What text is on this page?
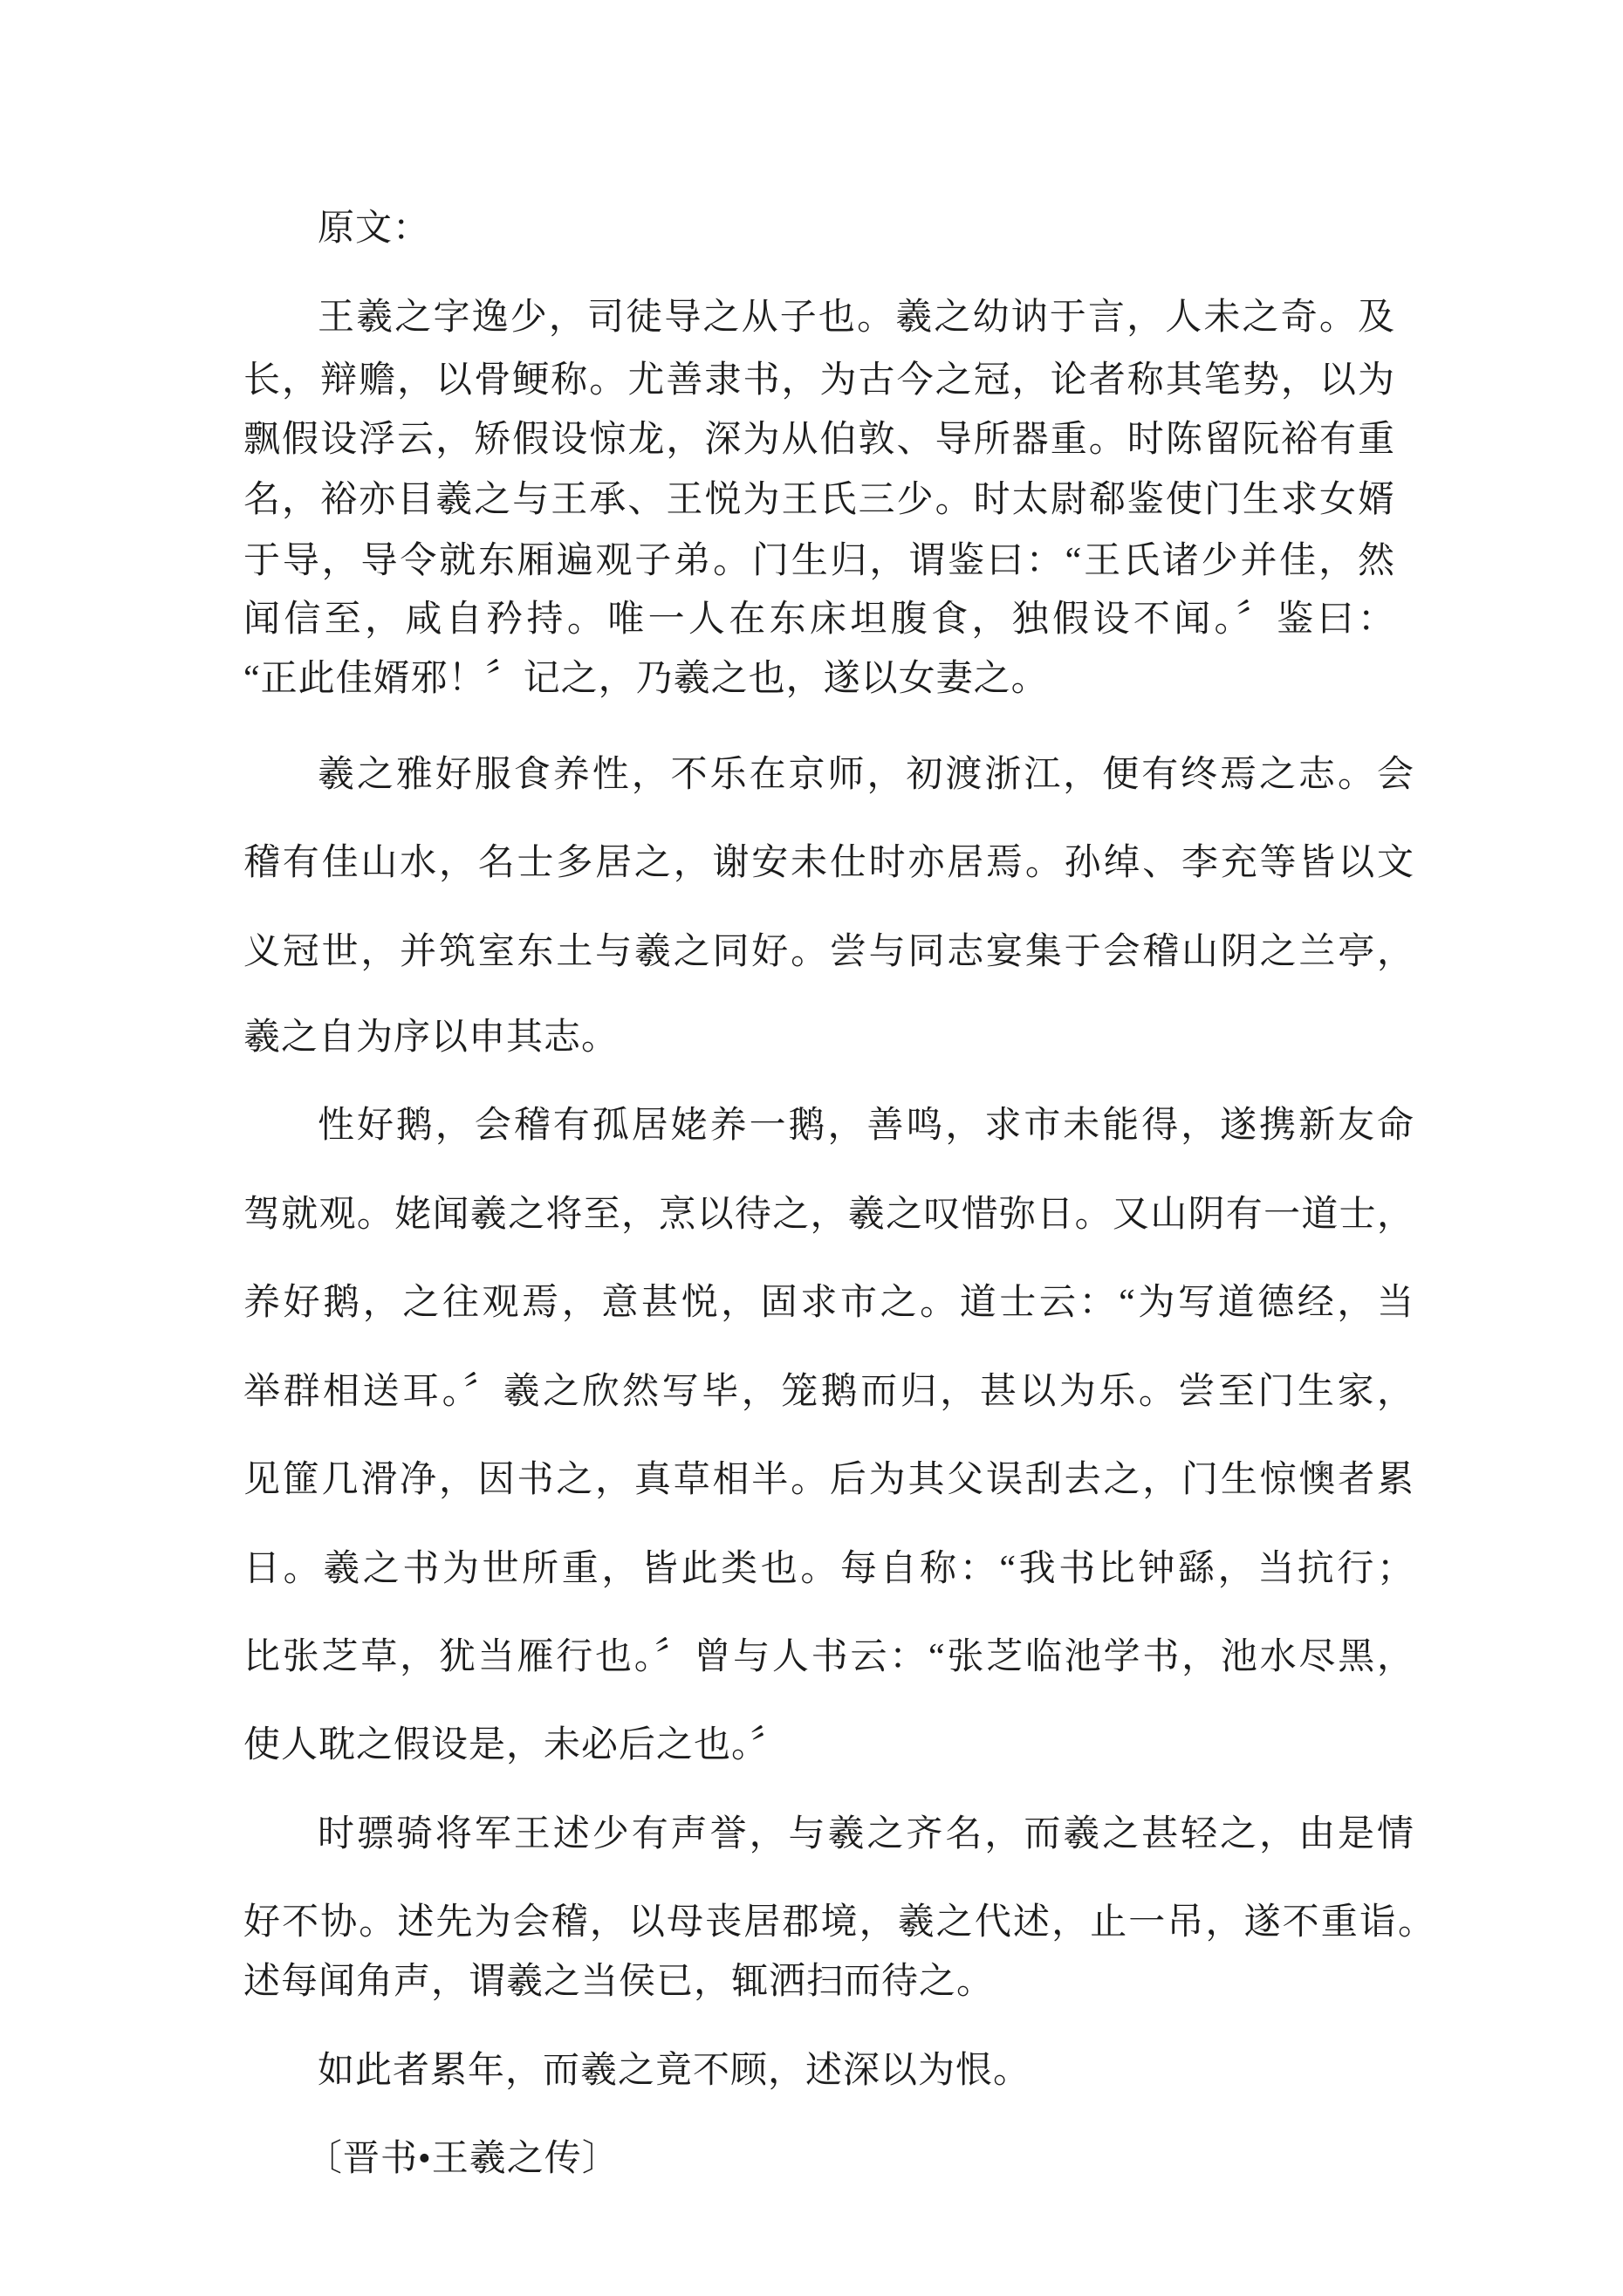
原文：
王羲之字逸少，司徒导之从子也。羲之幼讷于言，人未之奇。及
长，辩赡，以骨鲠称。尤善隶书，为古今之冠，论者称其笔势，以为
飘假设浮云，矫假设惊龙，深为从伯敦、导所器重。时陈留阮裕有重
名，裕亦目羲之与王承、王悦为王氏三少。时太尉郗鉴使门生求女婿
于导，导令就东厢遍观子弟。门生归，谓鉴曰：“王氏诸少并佳，然
闻信至，咸自矜持。唯一人在东床坦腹食，独假设不闻。〞鉴曰：
“正此佳婿邪！〞记之，乃羲之也，遂以女妻之。
羲之雅好服食养性，不乐在京师，初渡浙江，便有终焉之志。会
稽有佳山水，名士多居之，谢安未仕时亦居焉。孙绰、李充等皆以文
义冠世，并筑室东土与羲之同好。尝与同志宴集于会稽山阴之兰亭，
羲之自为序以申其志。
性好鹅，会稽有孤居姥养一鹅，善鸣，求市未能得，遂携新友命
驾就观。姥闻羲之将至，烹以待之，羲之叹惜弥日。又山阴有一道士，
养好鹅，之往观焉，意甚悦，固求市之。道士云：“为写道德经，当
举群相送耳。〞羲之欣然写毕，笼鹅而归，甚以为乐。尝至门生家，
见篚几滑净，因书之，真草相半。后为其父误刮去之，门生惊懊者累
日。羲之书为世所重，皆此类也。每自称：“我书比钟繇，当抗行；
比张芝草，犹当雁行也。〞曾与人书云：“张芝临池学书，池水尽黑，
使人耽之假设是，未必后之也。〞
时骠骑将军王述少有声誉，与羲之齐名，而羲之甚轻之，由是情
好不协。述先为会稽，以母丧居郡境，羲之代述，止一吊，遂不重诣。
述每闻角声，谓羲之当侯已，辄洒扫而待之。
如此者累年，而羲之竟不顾，述深以为恨。
〔晋书•王羲之传〕
